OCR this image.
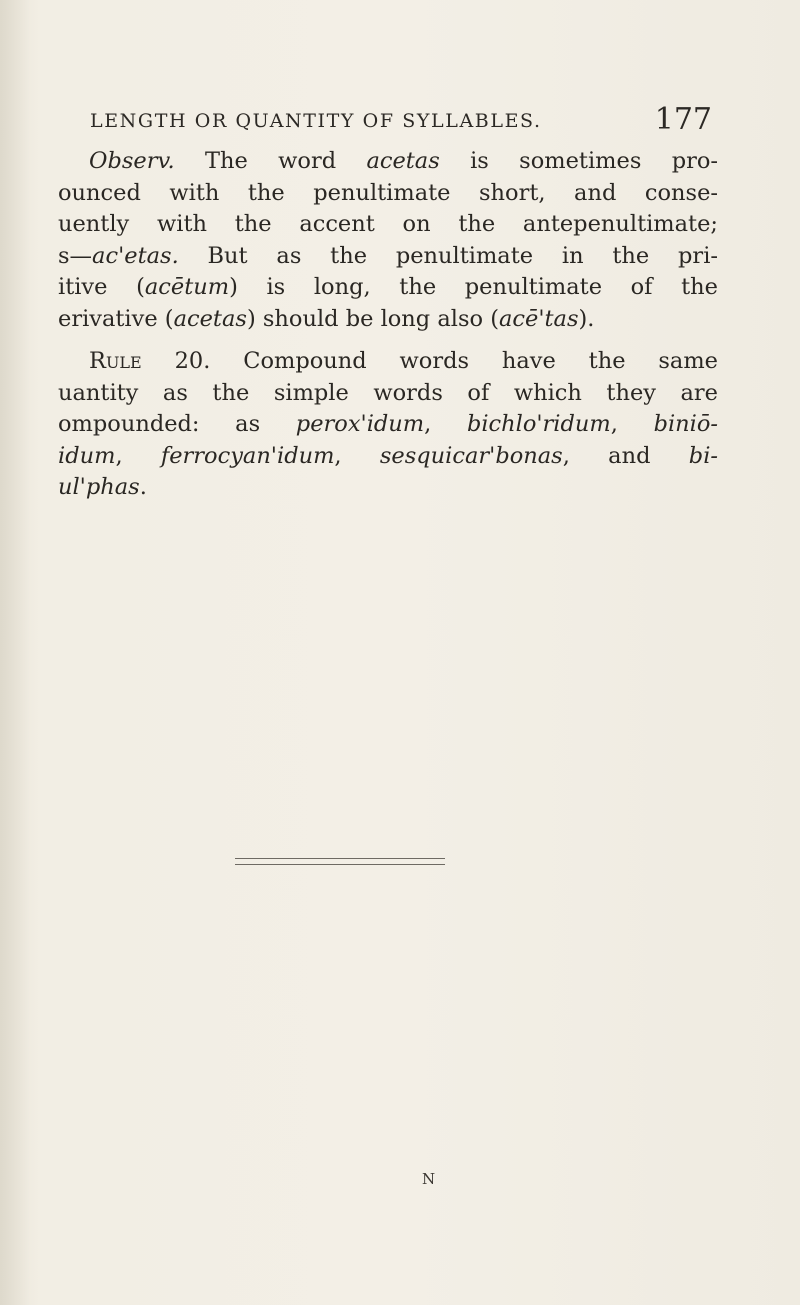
LENGTH OR QUANTITY OF SYLLABLES.	177
Observ. The word acetas is sometimes pro-
ounced with the penultimate short, and conse-
uently with the accent on the antepenultimate;
s—ac'etas. But as the penultimate in the pri-
itive (acētum) is long, the penultimate of the
erivative (acetas) should be long also (acē'tas).
Rule 20. Compound words have the same
uantity as the simple words of which they are
ompounded: as perox'idum, bichlo'ridum, biniō-
idum, ferrocyan'idum, sesquicar'bonas, and bi-
ul'phas.
N
